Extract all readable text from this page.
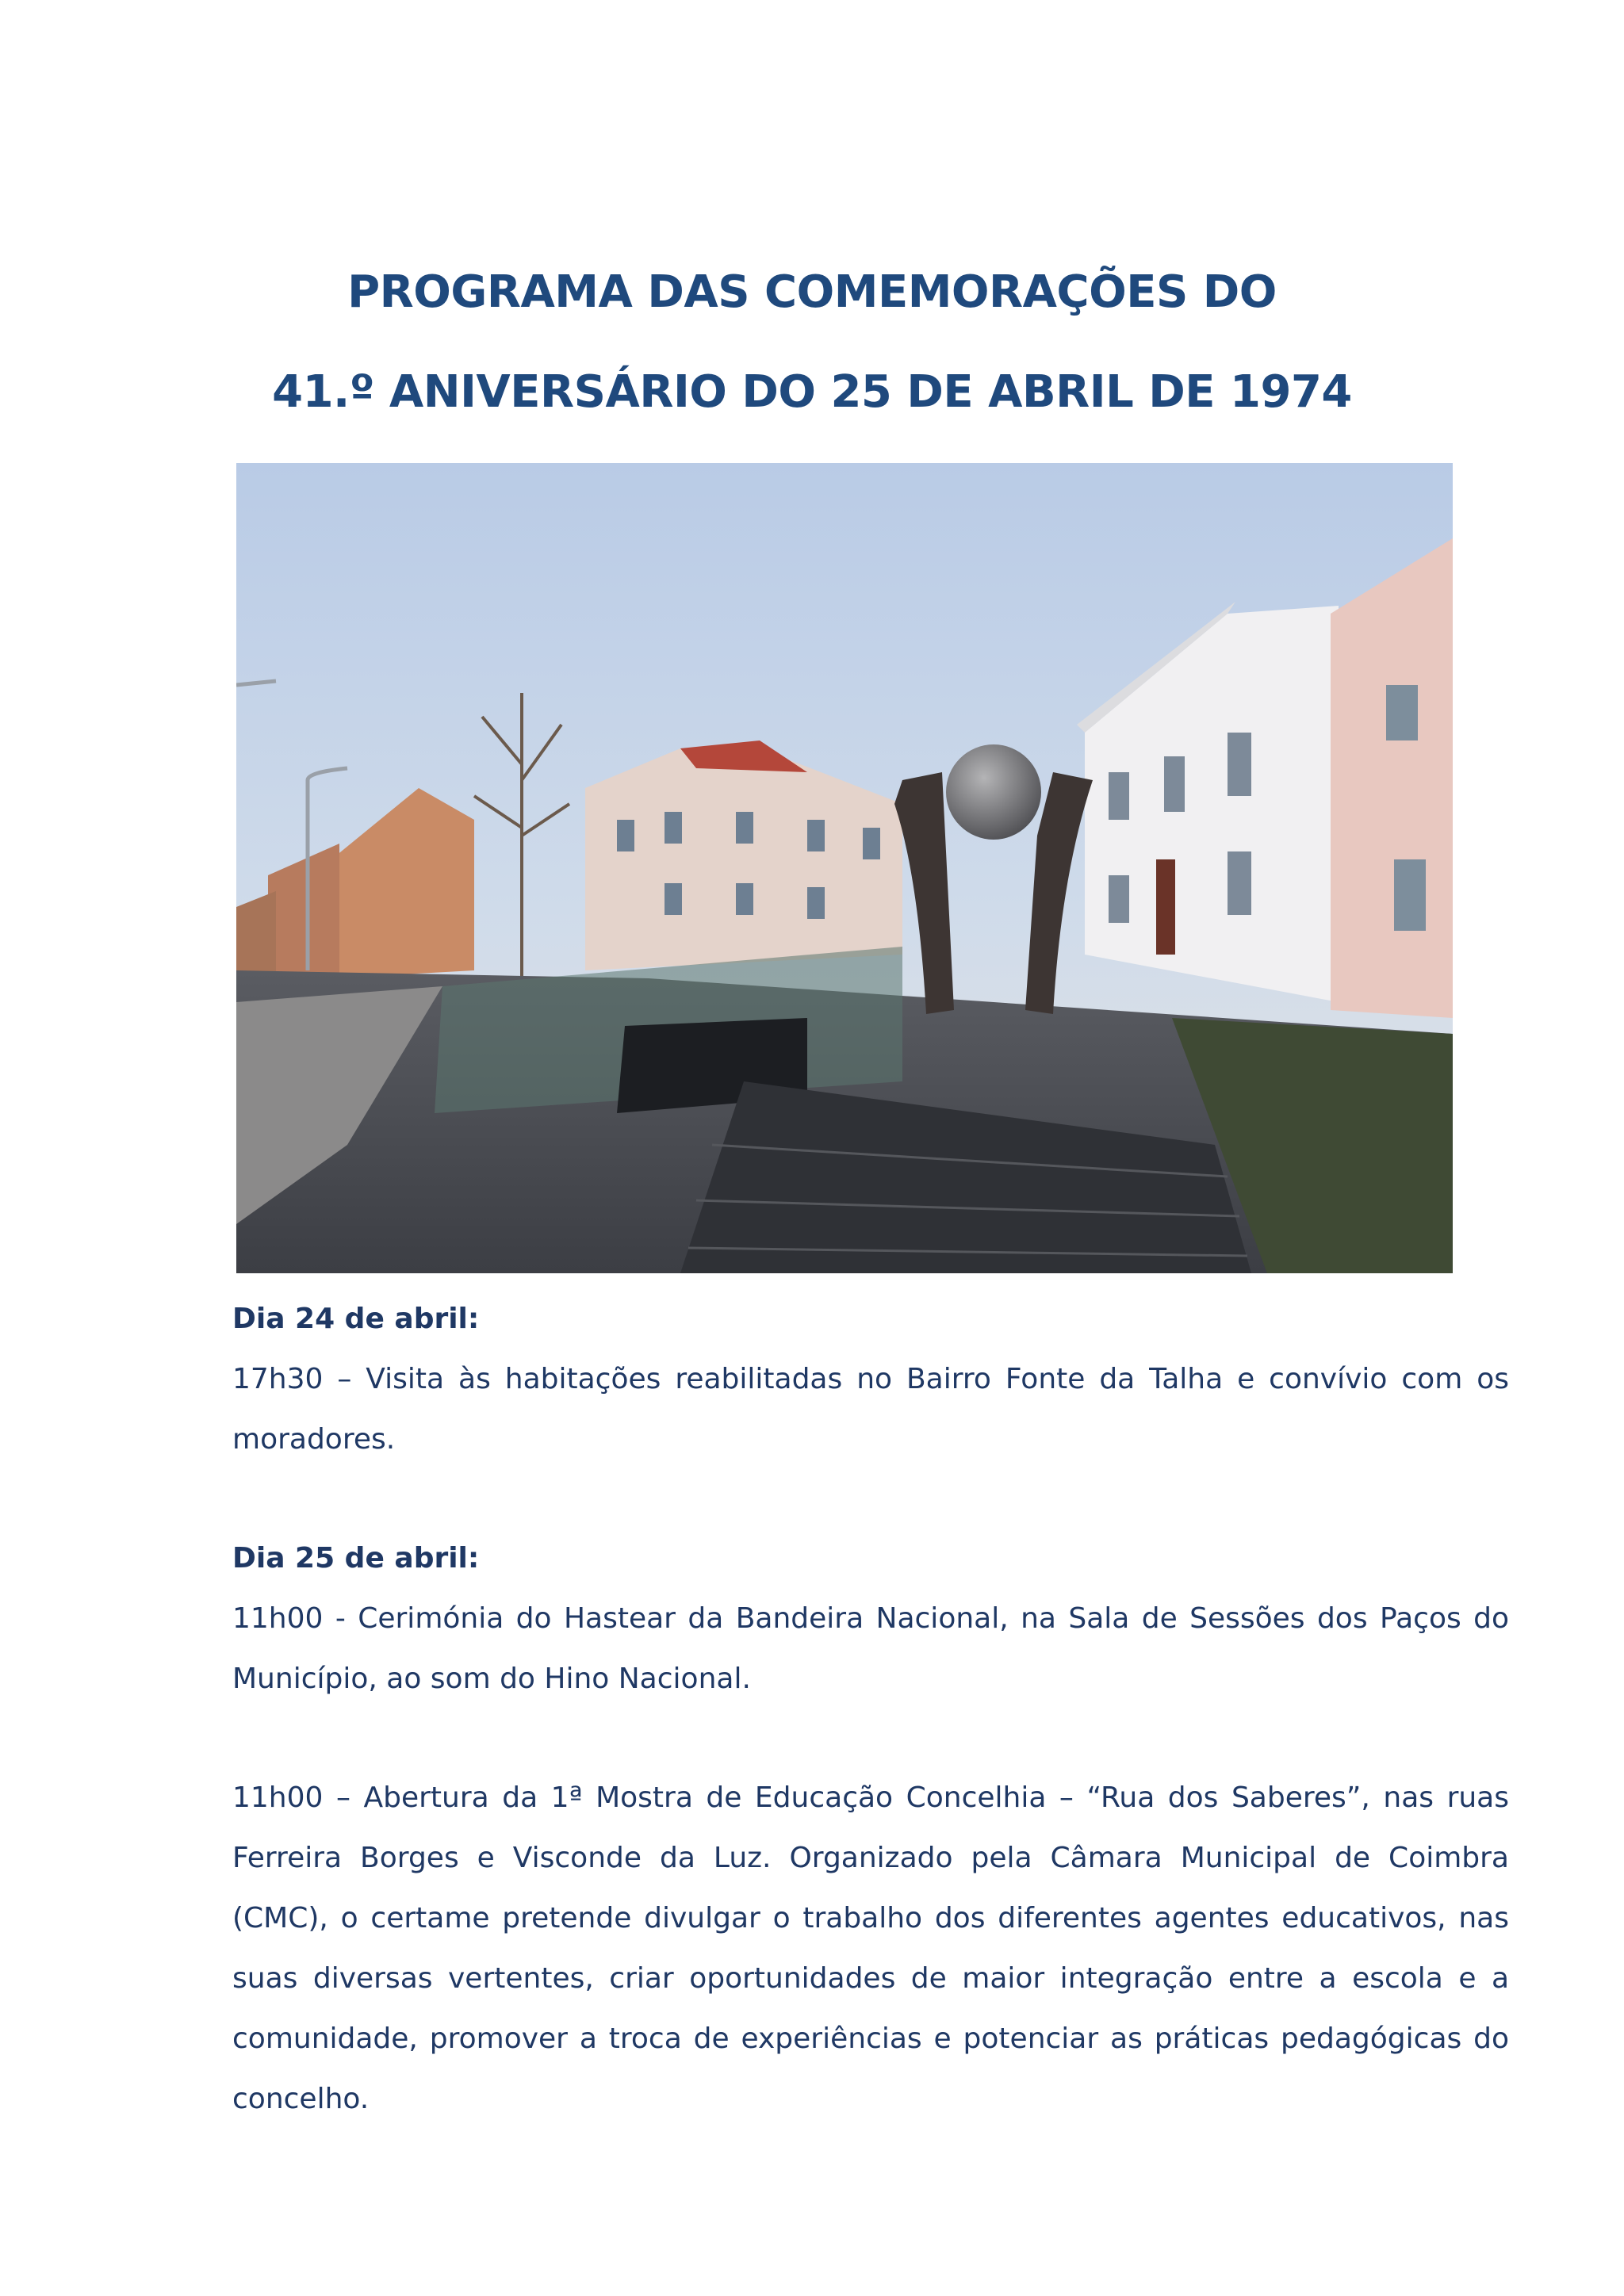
PROGRAMA DAS COMEMORAÇÕES DO
41.º ANIVERSÁRIO DO 25 DE ABRIL DE 1974
Dia 24 de abril:

17h30 – Visita às habitações reabilitadas no Bairro Fonte da Talha e convívio com os moradores.

Dia 25 de abril:

11h00 - Cerimónia do Hastear da Bandeira Nacional, na Sala de Sessões dos Paços do Município, ao som do Hino Nacional.

11h00 – Abertura da 1ª Mostra de Educação Concelhia – “Rua dos Saberes”, nas ruas Ferreira Borges e Visconde da Luz. Organizado pela Câmara Municipal de Coimbra (CMC), o certame pretende divulgar o trabalho dos diferentes agentes educativos, nas suas diversas vertentes, criar oportunidades de maior integração entre a escola e a comunidade, promover a troca de experiências e potenciar as práticas pedagógicas do concelho.
